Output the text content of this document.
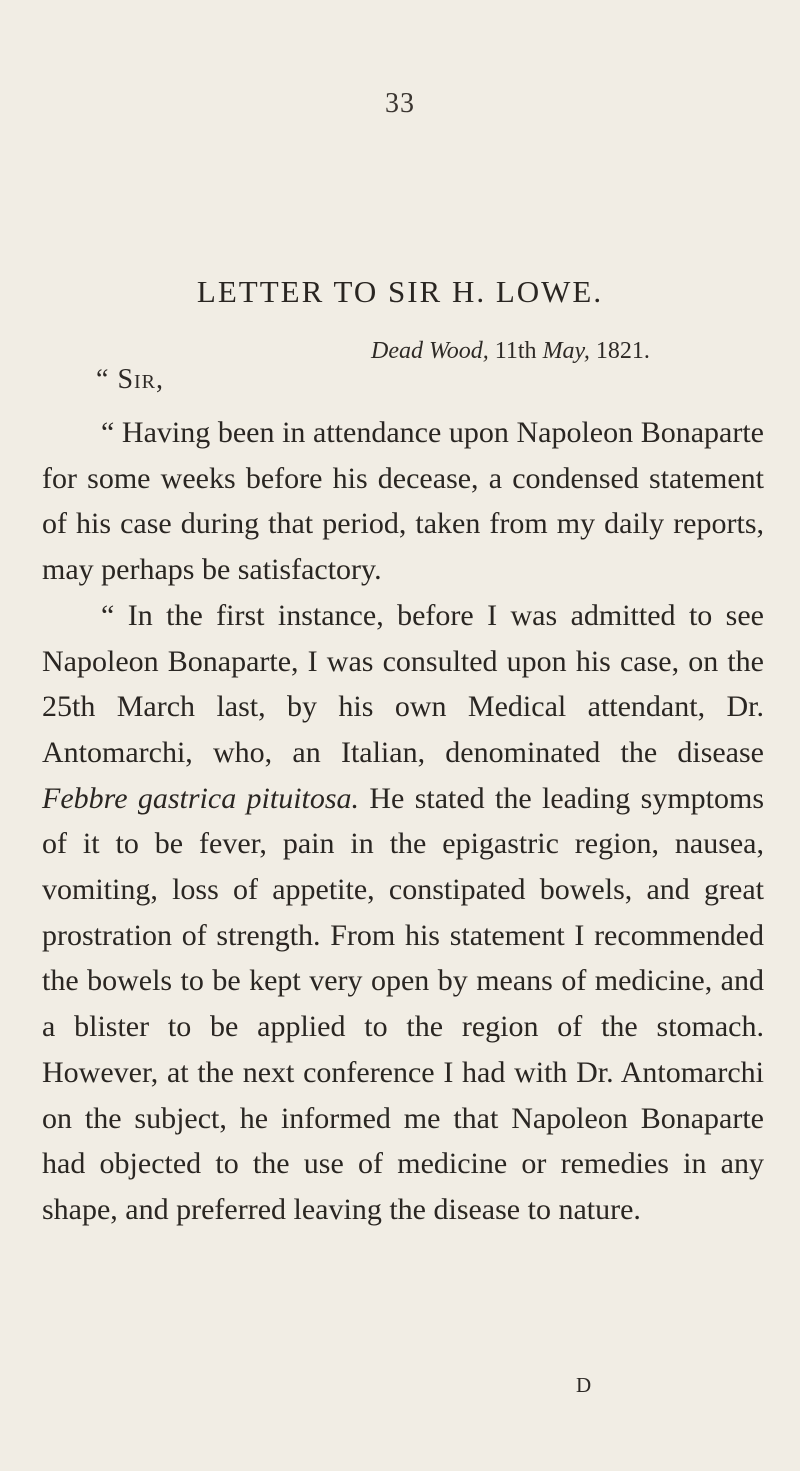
33
LETTER TO SIR H. LOWE.
Dead Wood, 11th May, 1821.
“ Sir,

“ Having been in attendance upon Napoleon Bonaparte for some weeks before his decease, a condensed statement of his case during that period, taken from my daily reports, may perhaps be satisfactory.

“ In the first instance, before I was admitted to see Napoleon Bonaparte, I was consulted upon his case, on the 25th March last, by his own Medical attendant, Dr. Antomarchi, who, an Italian, denominated the disease Febbre gastrica pituitosa. He stated the leading symptoms of it to be fever, pain in the epigastric region, nausea, vomiting, loss of appetite, constipated bowels, and great prostration of strength. From his statement I recommended the bowels to be kept very open by means of medicine, and a blister to be applied to the region of the stomach. However, at the next conference I had with Dr. Antomarchi on the subject, he informed me that Napoleon Bonaparte had objected to the use of medicine or remedies in any shape, and preferred leaving the disease to nature.

D
